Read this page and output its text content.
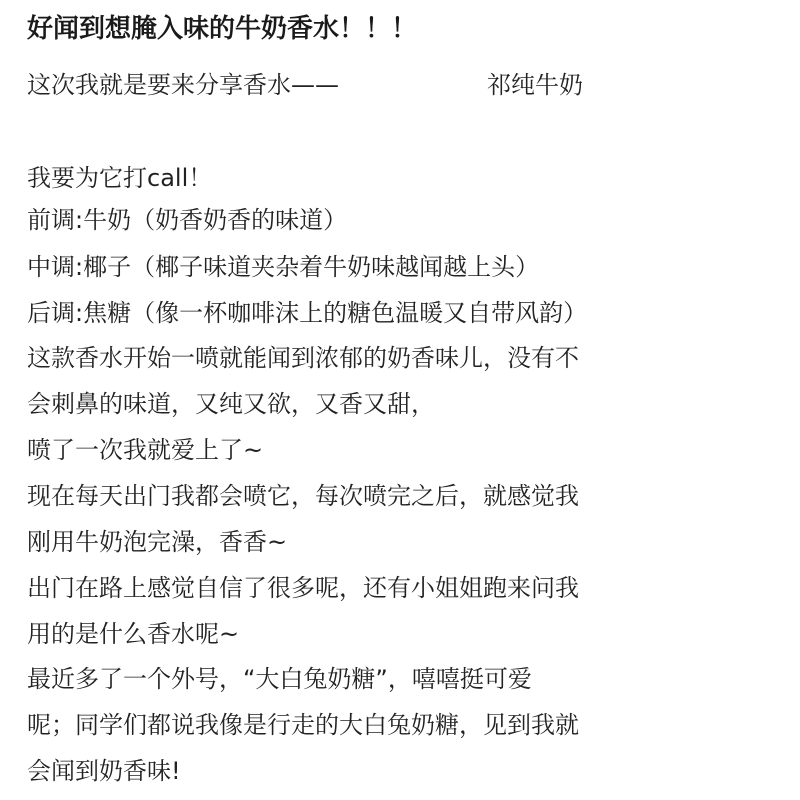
好闻到想腌入味的牛奶香水！！！
这次我就是要来分享香水——	祁纯牛奶
我要为它打call！
前调:牛奶（奶香奶香的味道）
中调:椰子（椰子味道夹杂着牛奶味越闻越上头）
后调:焦糖（像一杯咖啡沫上的糖色温暖又自带风韵）
这款香水开始一喷就能闻到浓郁的奶香味儿，没有不
会刺鼻的味道，又纯又欲，又香又甜，
喷了一次我就爱上了~
现在每天出门我都会喷它，每次喷完之后，就感觉我
刚用牛奶泡完澡，香香~
出门在路上感觉自信了很多呢，还有小姐姐跑来问我
用的是什么香水呢~
最近多了一个外号，“大白兔奶糖”，嘻嘻挺可爱
呢；同学们都说我像是行走的大白兔奶糖，见到我就
会闻到奶香味!
